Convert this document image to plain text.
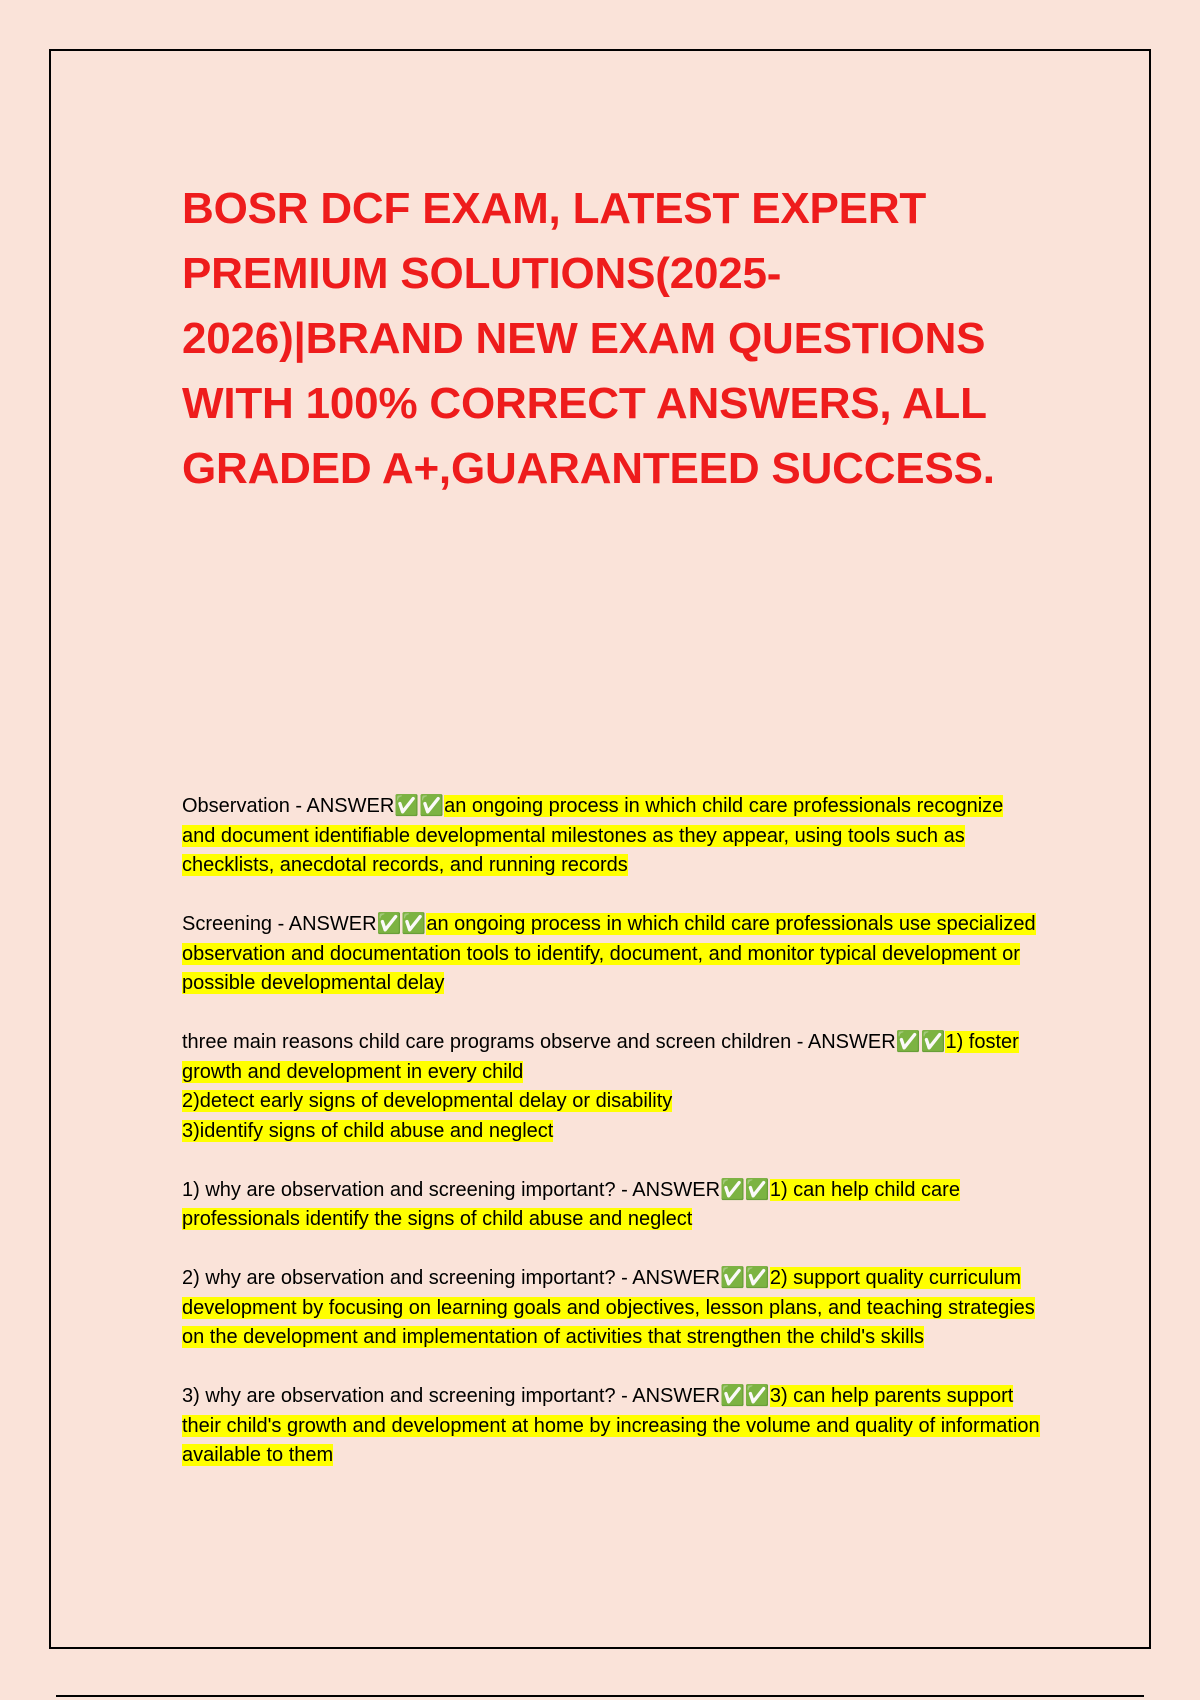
BOSR DCF EXAM, LATEST EXPERT PREMIUM SOLUTIONS(2025-2026)|BRAND NEW EXAM QUESTIONS WITH 100% CORRECT ANSWERS, ALL GRADED A+,GUARANTEED SUCCESS.

Observation - ANSWER✅✅an ongoing process in which child care professionals recognize and document identifiable developmental milestones as they appear, using tools such as checklists, anecdotal records, and running records

Screening - ANSWER✅✅an ongoing process in which child care professionals use specialized observation and documentation tools to identify, document, and monitor typical development or possible developmental delay

three main reasons child care programs observe and screen children - ANSWER✅✅1) foster growth and development in every child
2)detect early signs of developmental delay or disability
3)identify signs of child abuse and neglect

1) why are observation and screening important? - ANSWER✅✅1) can help child care professionals identify the signs of child abuse and neglect

2) why are observation and screening important? - ANSWER✅✅2) support quality curriculum development by focusing on learning goals and objectives, lesson plans, and teaching strategies on the development and implementation of activities that strengthen the child's skills

3) why are observation and screening important? - ANSWER✅✅3) can help parents support their child's growth and development at home by increasing the volume and quality of information available to them
